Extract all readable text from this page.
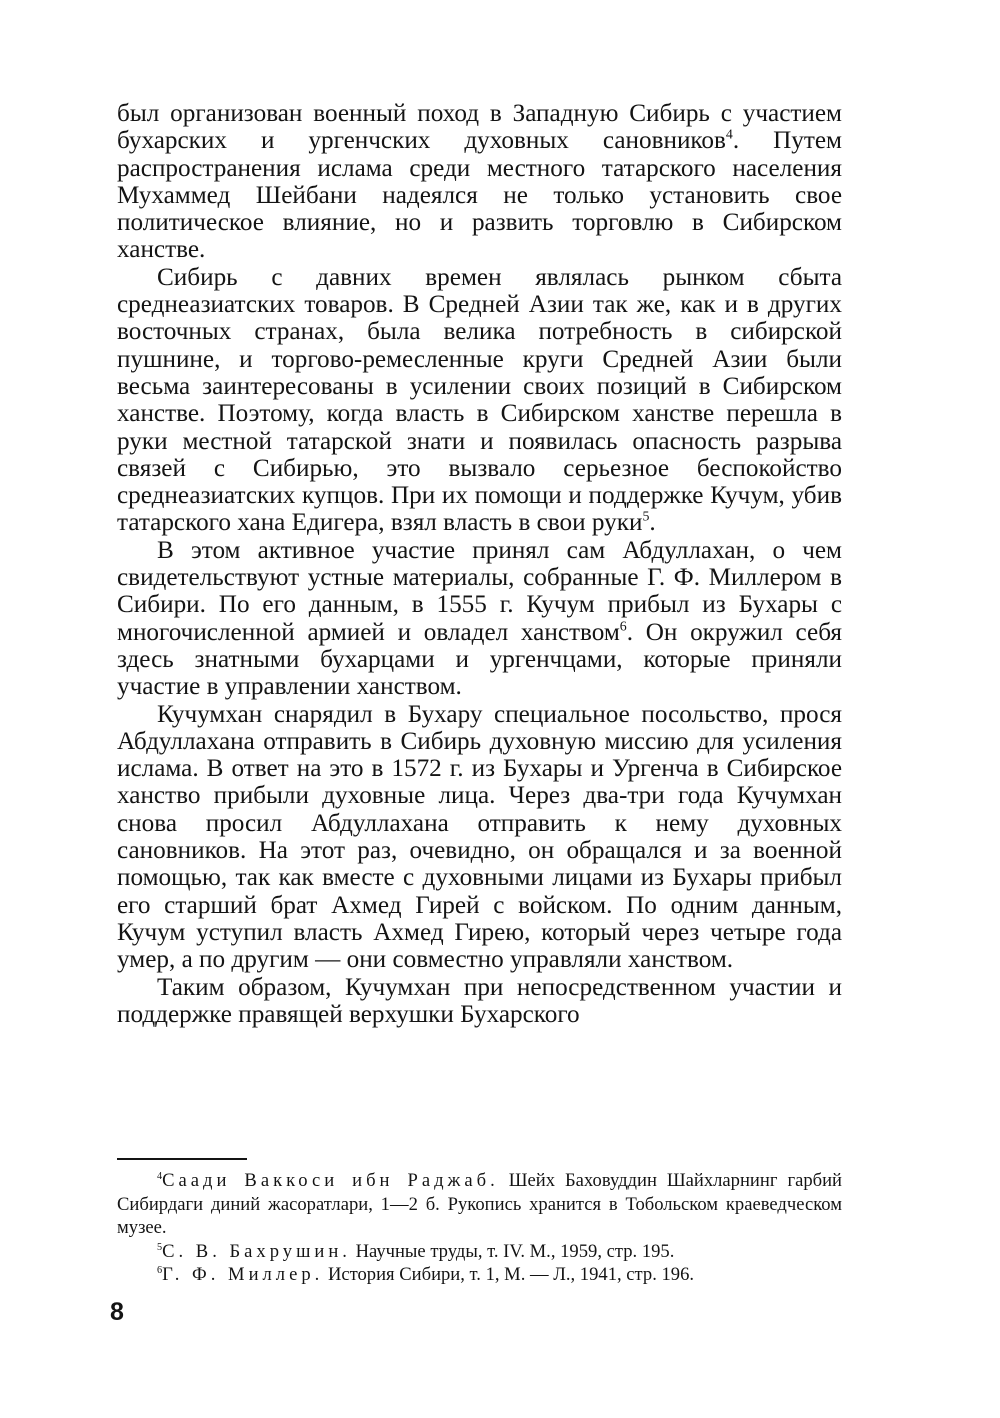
был организован военный поход в Западную Сибирь с участием бухарских и ургенчских духовных сановников$^4$. Путем распространения ислама среди местного татарского населения Мухаммед Шейбани надеялся не только установить свое политическое влияние, но и развить торговлю в Сибирском ханстве.

Сибирь с давних времен являлась рынком сбыта среднеазиатских товаров. В Средней Азии так же, как и в других восточных странах, была велика потребность в сибирской пушнине, и торгово-ремесленные круги Средней Азии были весьма заинтересованы в усилении своих позиций в Сибирском ханстве. Поэтому, когда власть в Сибирском ханстве перешла в руки местной татарской знати и появилась опасность разрыва связей с Сибирью, это вызвало серьезное беспокойство среднеазиатских купцов. При их помощи и поддержке Кучум, убив татарского хана Едигера, взял власть в свои руки$^5$.

В этом активное участие принял сам Абдуллахан, о чем свидетельствуют устные материалы, собранные Г. Ф. Миллером в Сибири. По его данным, в 1555 г. Кучум прибыл из Бухары с многочисленной армией и овладел ханством$^6$. Он окружил себя здесь знатными бухарцами и ургенчцами, которые приняли участие в управлении ханством.

Кучумхан снарядил в Бухару специальное посольство, прося Абдуллахана отправить в Сибирь духовную миссию для усиления ислама. В ответ на это в 1572 г. из Бухары и Ургенча в Сибирское ханство прибыли духовные лица. Через два-три года Кучумхан снова просил Абдуллахана отправить к нему духовных сановников. На этот раз, очевидно, он обращался и за военной помощью, так как вместе с духовными лицами из Бухары прибыл его старший брат Ахмед Гирей с войском. По одним данным, Кучум уступил власть Ахмед Гирею, который через четыре года умер, а по другим — они совместно управляли ханством.

Таким образом, Кучумхан при непосредственном участии и поддержке правящей верхушки Бухарского

$^4$Саади Ваккоси ибн Раджаб. Шейх Баховуддин Шайхларнинг гарбий Сибирдаги диний жасоратлари, 1—2 б. Рукопись хранится в Тобольском краеведческом музее.

$^5$С. В. Бахрушин. Научные труды, т. IV. М., 1959, стр. 195.

$^6$Г. Ф. Миллер. История Сибири, т. 1, М. — Л., 1941, стр. 196.

8
